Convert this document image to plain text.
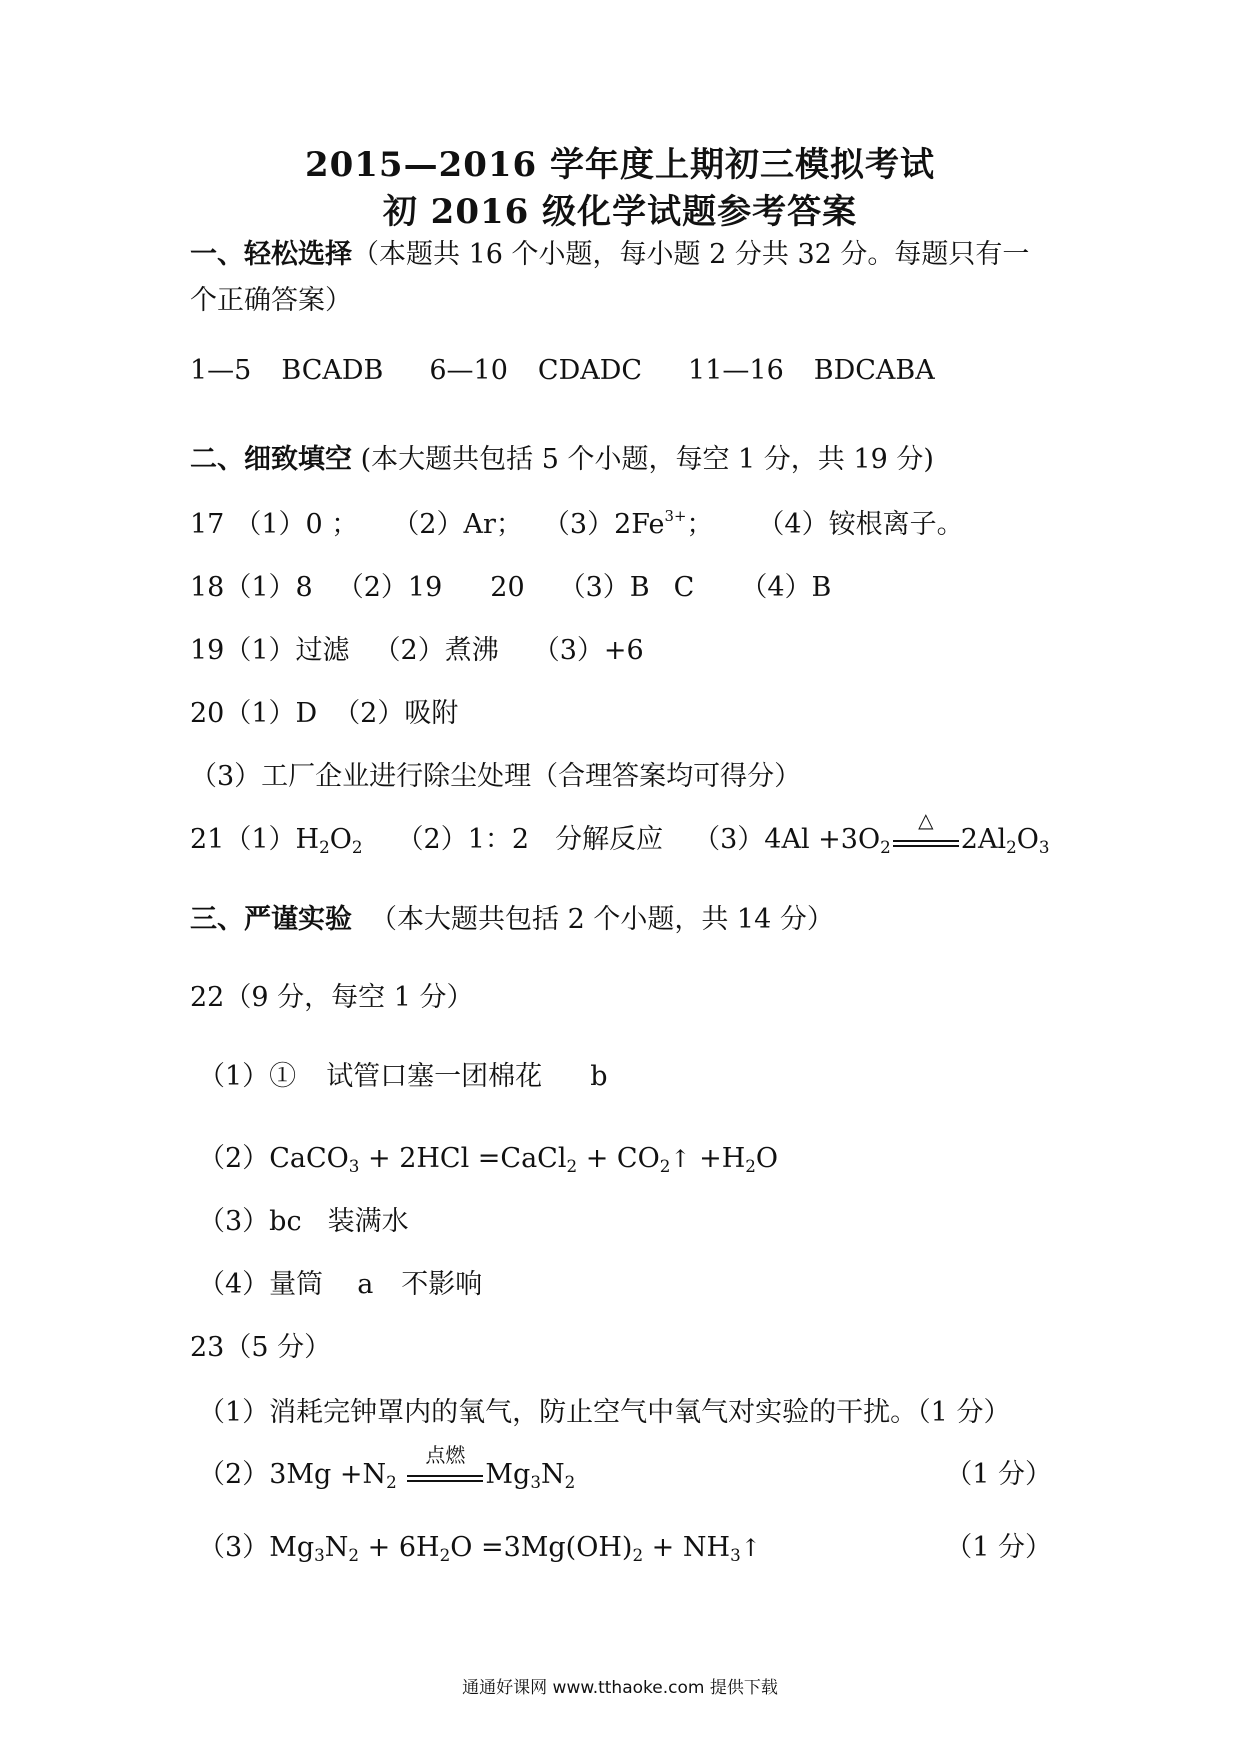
2015—2016 学年度上期初三模拟考试
初 2016 级化学试题参考答案
一、轻松选择（本题共 16 个小题，每小题 2 分共 32 分。每题只有一
个正确答案）
1—5 BCADB 6—10 CDADC 11—16 BDCABA
二、细致填空 (本大题共包括 5 个小题，每空 1 分，共 19 分)
17 （1）0 ； （2）Ar； $(3)2Fe^{3+}$； （4）铵根离子。
18（1）8 （2）19 20 （3）B C （4）B
19（1）过滤 （2）煮沸 （3）+6
20（1）D （2）吸附
（3）工厂企业进行除尘处理（合理答案均可得分）
$21(1)H_2O_2$ （2）1：2 分解反应 $(3)4Al +3O_2$
△
$2Al_2O_3$
三、严谨实验 （本大题共包括 2 个小题，共 14 分）
22（9 分，每空 1 分）
（1）① 试管口塞一团棉花 b
（2）CaCO$_3$ + 2HCl =CaCl$_2$ + $CO_2↑ +H_2O$
（3）bc 装满水
（4）量筒 a 不影响
23（5 分）
（1）消耗完钟罩内的氧气，防止空气中氧气对实验的干扰。（1 分）
$(2)3Mg +N_2$
点燃
$Mg_3N_2$	（1 分）
$(3)Mg_3N_2 + 6H_2O =3Mg(OH)_2$ + $NH_3↑$	（1 分）
通通好课网 www.tthaoke.com 提供下载
